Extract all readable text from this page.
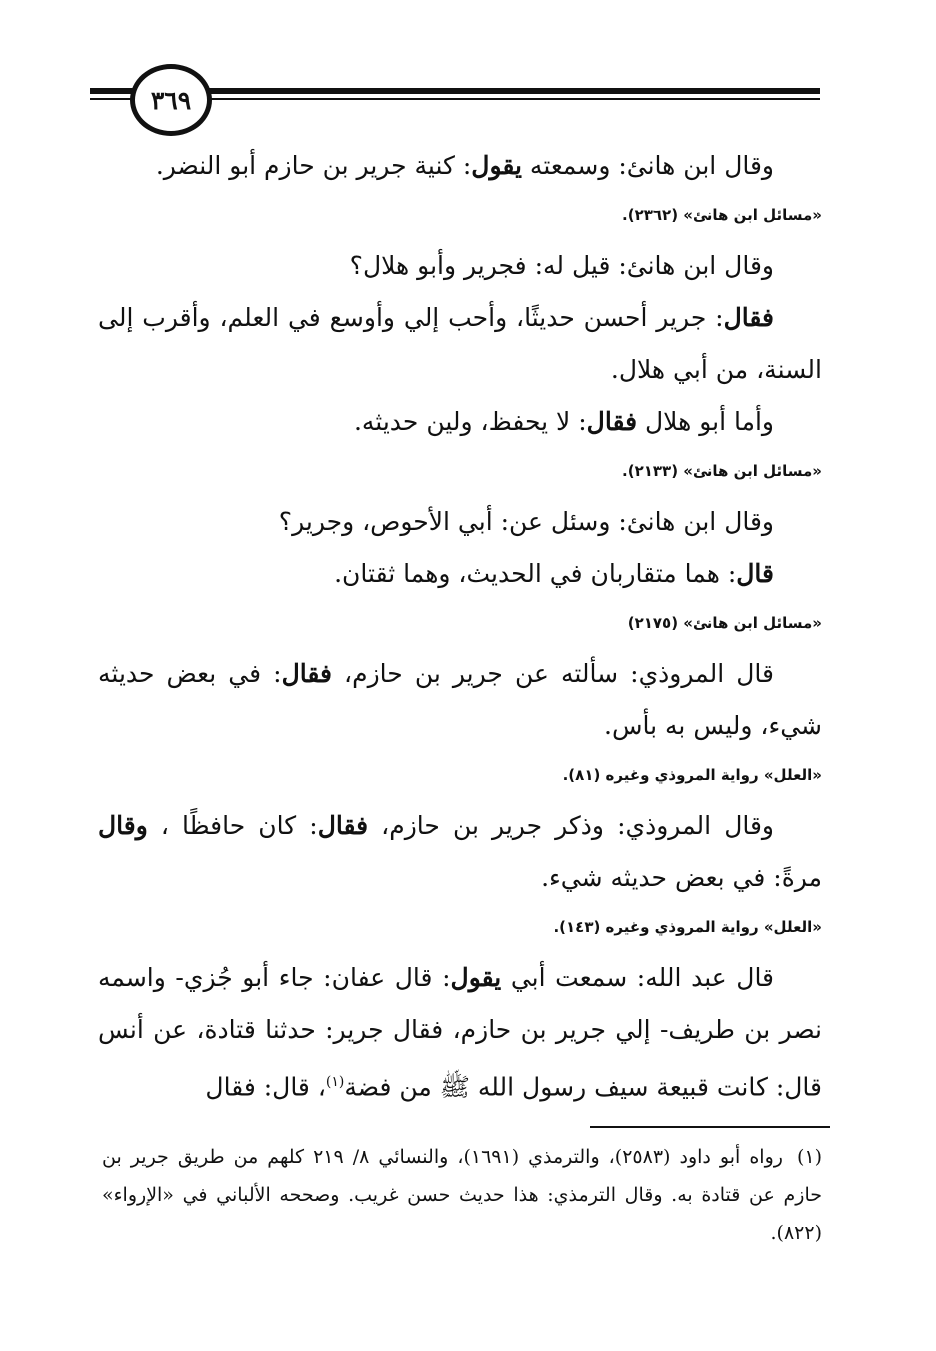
٣٦٩

وقال ابن هانئ: وسمعته يقول: كنية جرير بن حازم أبو النضر.

«مسائل ابن هانئ» (٢٣٦٢).

وقال ابن هانئ: قيل له: فجرير وأبو هلال؟

فقال: جرير أحسن حديثًا، وأحب إلي وأوسع في العلم، وأقرب إلى السنة، من أبي هلال.

وأما أبو هلال فقال: لا يحفظ، ولين حديثه.

«مسائل ابن هانئ» (٢١٣٣).

وقال ابن هانئ: وسئل عن: أبي الأحوص، وجرير؟

قال: هما متقاربان في الحديث، وهما ثقتان.

«مسائل ابن هانئ» (٢١٧٥)

قال المروذي: سألته عن جرير بن حازم، فقال: في بعض حديثه شيء، وليس به بأس.

«العلل» رواية المروذي وغيره (٨١).

وقال المروذي: وذكر جرير بن حازم، فقال: كان حافظًا ، وقال مرةً: في بعض حديثه شيء.

«العلل» رواية المروذي وغيره (١٤٣).

قال عبد الله: سمعت أبي يقول: قال عفان: جاء أبو جُزي- واسمه نصر بن طريف- إلي جرير بن حازم، فقال جرير: حدثنا قتادة، عن أنس قال: كانت قبيعة سيف رسول الله ﷺ من فضة$^{(١)}$، قال: فقال

(١)رواه أبو داود (٢٥٨٣)، والترمذي (١٦٩١)، والنسائي ٨/ ٢١٩ كلهم من طريق جرير بن حازم عن قتادة به. وقال الترمذي: هذا حديث حسن غريب. وصححه الألباني في «الإرواء» (٨٢٢).
